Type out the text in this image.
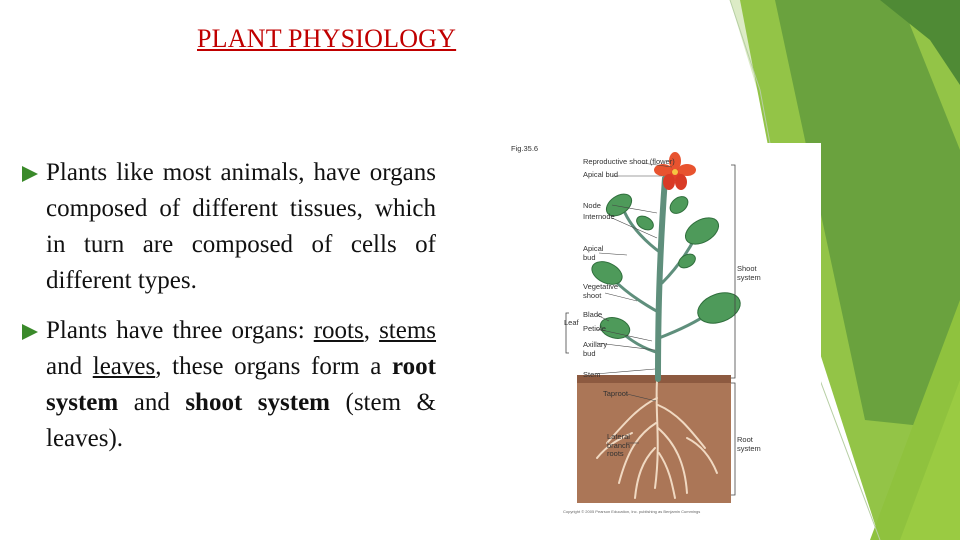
PLANT PHYSIOLOGY
Plants like most animals, have organs composed of different tissues, which in turn are composed of cells of different types.
Plants have three organs: roots, stems and leaves, these organs form a root system and shoot system (stem & leaves).
Fig.35.6
Reproductive shoot (flower)
Apical bud
Node
Internode
Apical
bud
Vegetative
shoot
Leaf
Blade
Petiole
Axillary
bud
Stem
Taproot
Lateral
branch
roots
Shoot
system
Root
system
Copyright © 2005 Pearson Education, Inc. publishing as Benjamin Cummings
